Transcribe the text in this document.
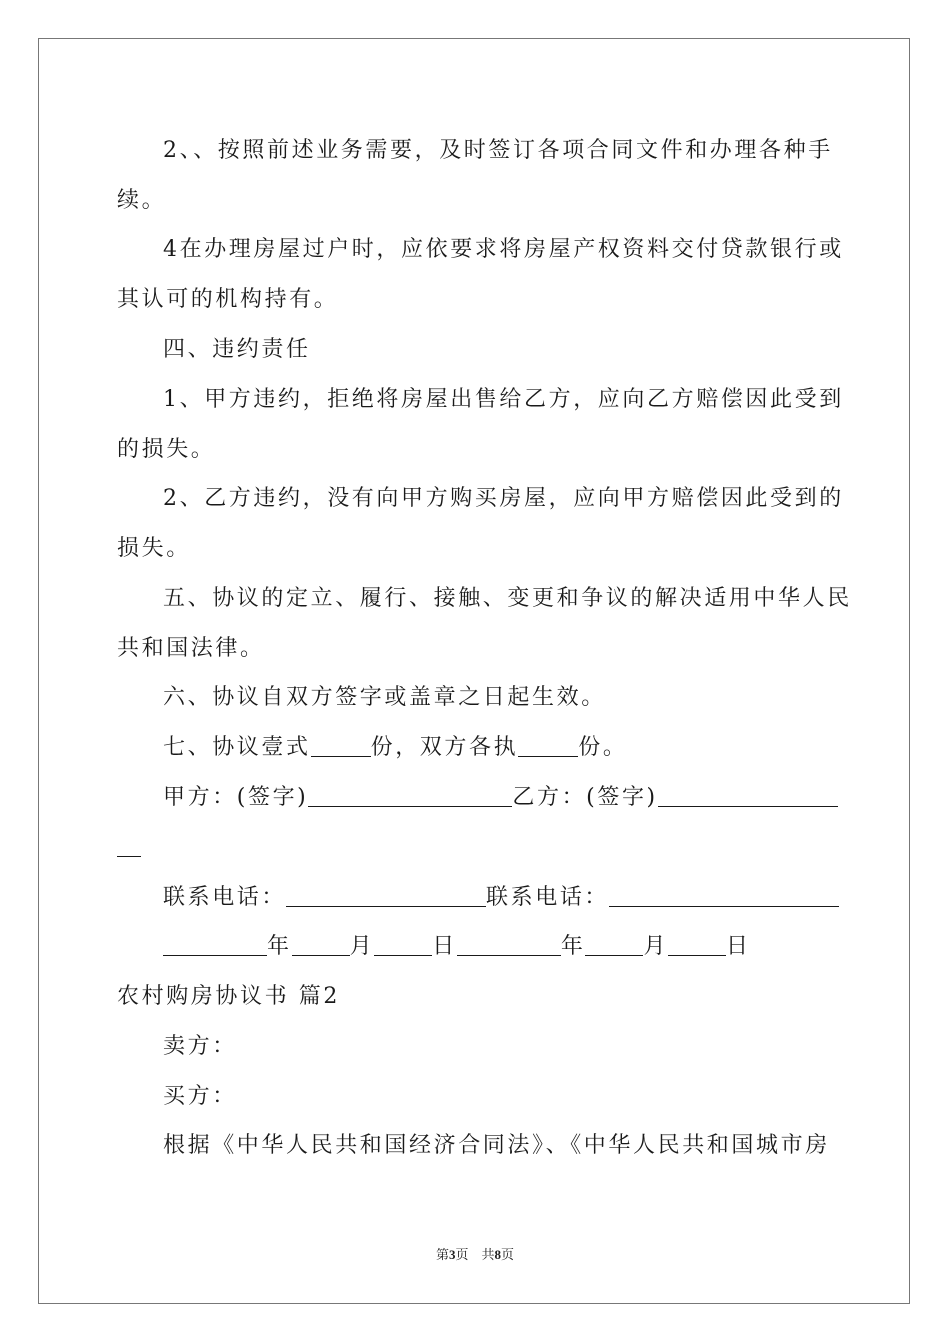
2、、按照前述业务需要，及时签订各项合同文件和办理各种手
续。
4在办理房屋过户时，应依要求将房屋产权资料交付贷款银行或
其认可的机构持有。
四、违约责任
1、甲方违约，拒绝将房屋出售给乙方，应向乙方赔偿因此受到
的损失。
2、乙方违约，没有向甲方购买房屋，应向甲方赔偿因此受到的
损失。
五、协议的定立、履行、接触、变更和争议的解决适用中华人民
共和国法律。
六、协议自双方签字或盖章之日起生效。
七、协议壹式	份，双方各执	份。
甲方：(签字)	乙方：(签字)
联系电话：	联系电话：
年	月	日	年	月	日
农村购房协议书 篇2
卖方：
买方：
根据《中华人民共和国经济合同法》、《中华人民共和国城市房
第3页　共8页
